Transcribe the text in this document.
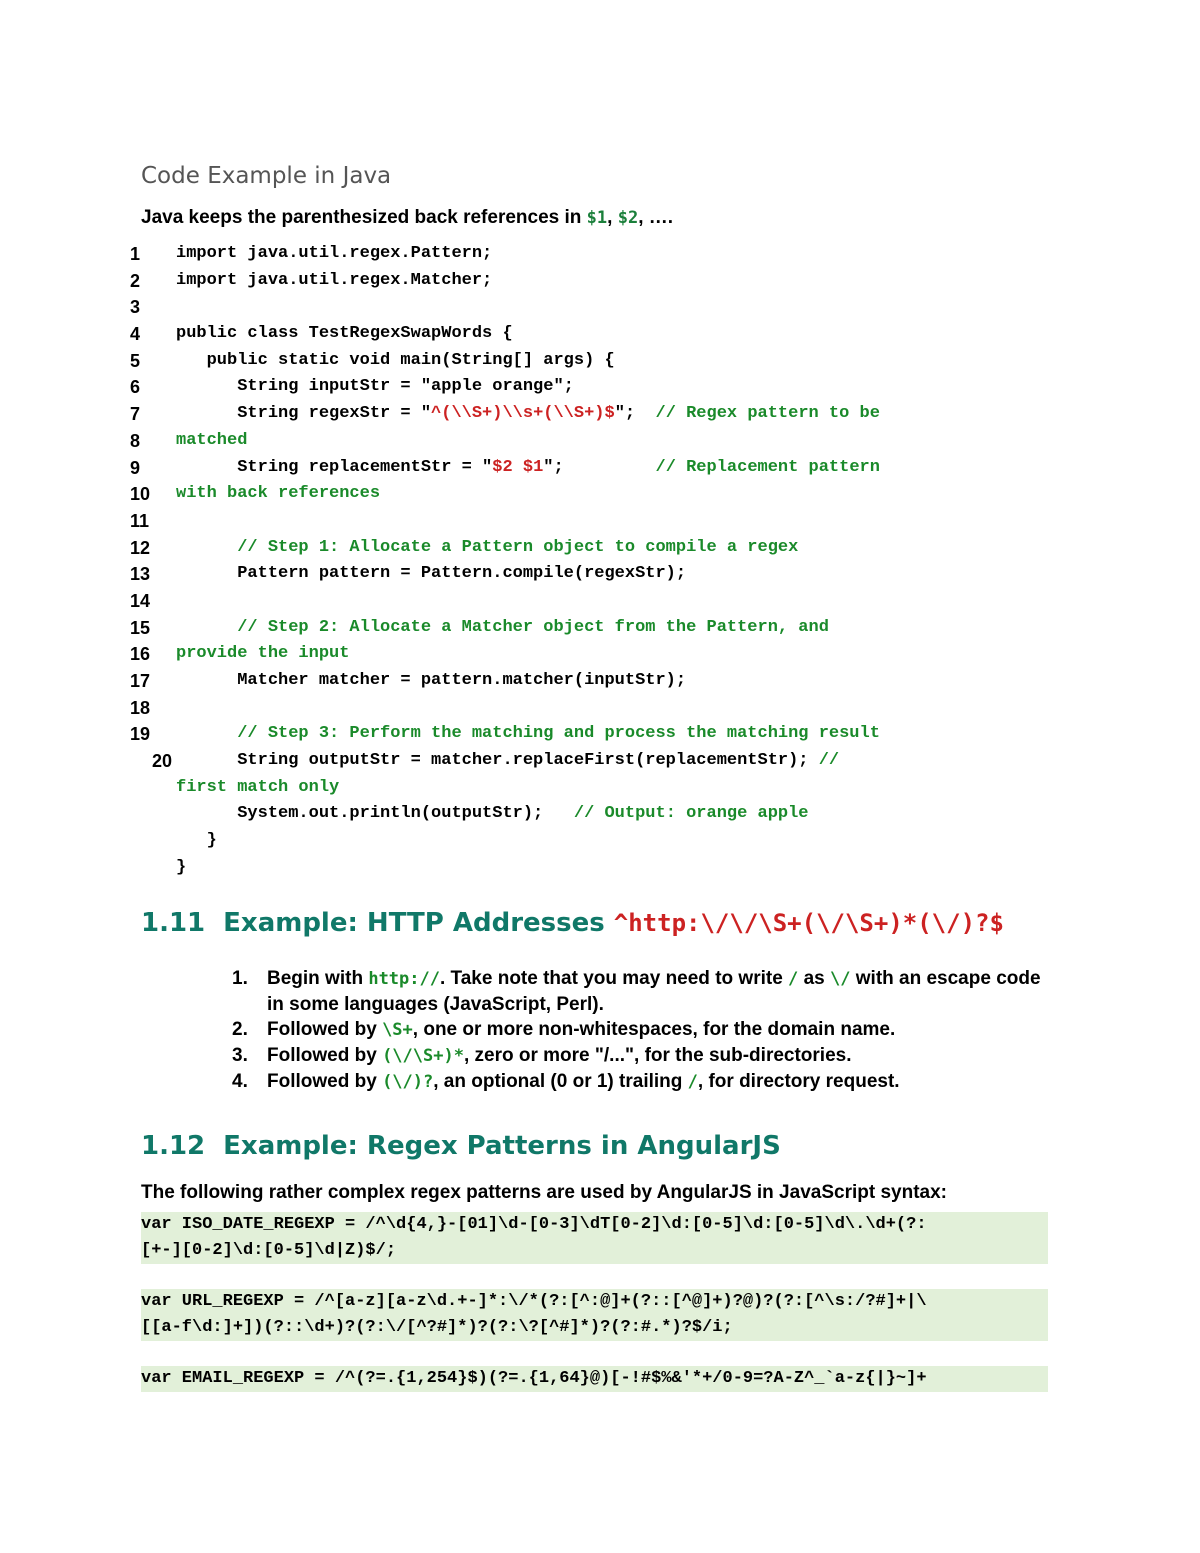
Code Example in Java
Java keeps the parenthesized back references in $1, $2, ….
1	import java.util.regex.Pattern;
2	import java.util.regex.Matcher;
3
4	public class TestRegexSwapWords {
5	public static void main(String[] args) {
6	String inputStr = "apple orange";
7	String regexStr = "^(\\S+)\\s+(\\S+)$";  // Regex pattern to be
8	matched
9	String replacementStr = "$2 $1";         // Replacement pattern
10	with back references
11
12	// Step 1: Allocate a Pattern object to compile a regex
13	Pattern pattern = Pattern.compile(regexStr);
14
15	// Step 2: Allocate a Matcher object from the Pattern, and
16	provide the input
17	Matcher matcher = pattern.matcher(inputStr);
18
19	// Step 3: Perform the matching and process the matching result
20 String outputStr = matcher.replaceFirst(replacementStr); //
first match only
System.out.println(outputStr);   // Output: orange apple
}
}
1.11 Example: HTTP Addresses ^http:\/\/\S+(\/\S+)*(\/)?$
1. Begin with http://. Take note that you may need to write / as \/ with an escape code in some languages (JavaScript, Perl).
2. Followed by \S+, one or more non-whitespaces, for the domain name.
3. Followed by (\/\S+)*, zero or more "/...", for the sub-directories.
4. Followed by (\/)?, an optional (0 or 1) trailing /, for directory request.
1.12 Example: Regex Patterns in AngularJS
The following rather complex regex patterns are used by AngularJS in JavaScript syntax:
var ISO_DATE_REGEXP = /^\d{4,}-[01]\d-[0-3]\dT[0-2]\d:[0-5]\d:[0-5]\d\.\d+(?:
[+-][0-2]\d:[0-5]\d|Z)$/;
var URL_REGEXP = /^[a-z][a-z\d.+-]*:\/*(?:[^:@]+(?::[^@]+)?@)?(?:[^\s:/?#]+|\
[[a-f\d:]+])(?::\d+)?(?:\/[^?#]*)?(?:\?[^#]*)?(?:#.*)?$/i;
var EMAIL_REGEXP = /^(?=.{1,254}$)(?=.{1,64}@)[-!#$%&'*+/0-9=?A-Z^_`a-z{|}~]+
